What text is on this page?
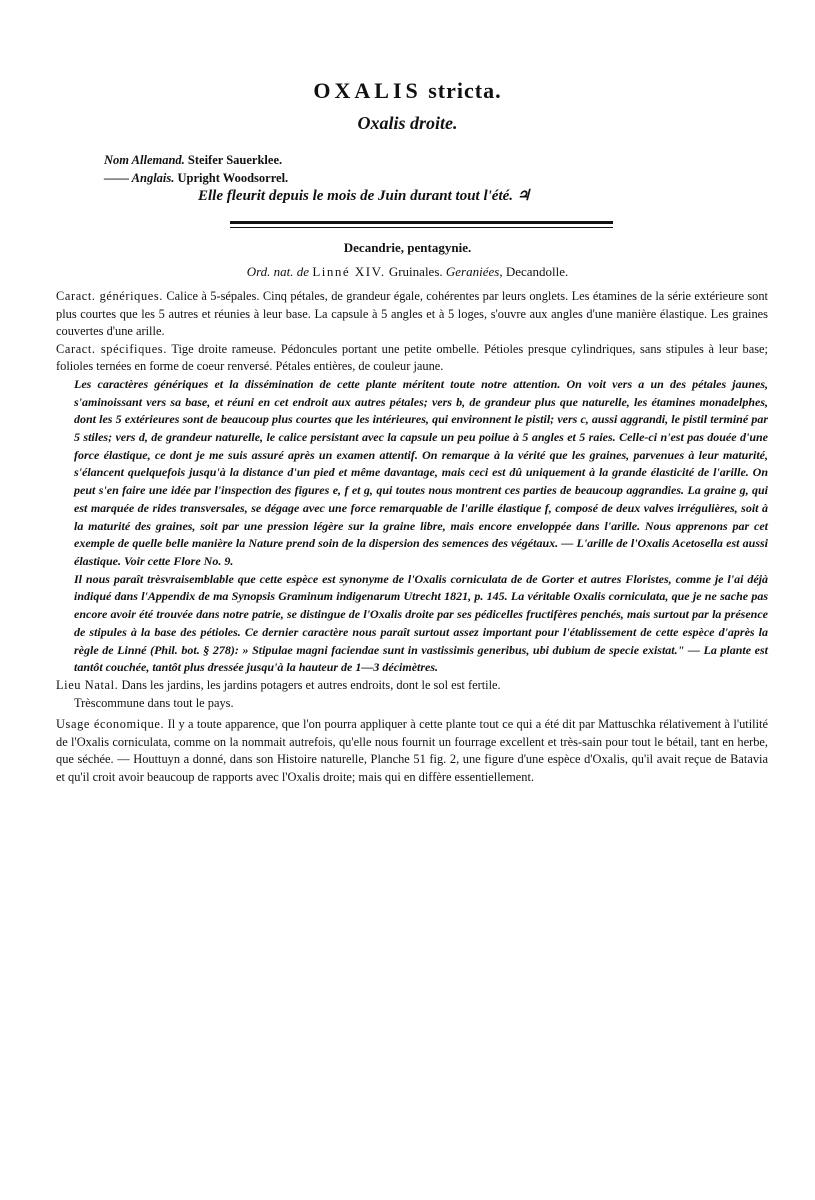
OXALIS stricta.
Oxalis droite.
Nom Allemand. Steifer Sauerklee.
—— Anglais. Upright Woodsorrel.
Elle fleurit depuis le mois de Juin durant tout l'été. ♃
Decandrie, pentagynie.
Ord. nat. de Linné XIV. Gruinales. Geraniées, Decandolle.

Caract. génériques. Calice à 5-sépales. Cinq pétales, de grandeur égale, cohérentes par leurs onglets. Les étamines de la série extérieure sont plus courtes que les 5 autres et réunies à leur base. La capsule à 5 angles et à 5 loges, s'ouvre aux angles d'une manière élastique. Les graines couvertes d'une arille.

Caract. spécifiques. Tige droite rameuse. Pédoncules portant une petite ombelle. Pétioles presque cylindriques, sans stipules à leur base; folioles ternées en forme de coeur renversé. Pétales entières, de couleur jaune.

Les caractères génériques et la dissémination de cette plante méritent toute notre attention. On voit vers a un des pétales jaunes, s'aminoissant vers sa base, et réuni en cet endroit aux autres pétales; vers b, de grandeur plus que naturelle, les étamines monadelphes, dont les 5 extérieures sont de beaucoup plus courtes que les intérieures, qui environnent le pistil; vers c, aussi aggrandi, le pistil terminé par 5 stiles; vers d, de grandeur naturelle, le calice persistant avec la capsule un peu poilue à 5 angles et 5 raies. Celle-ci n'est pas douée d'une force élastique, ce dont je me suis assuré après un examen attentif. On remarque à la vérité que les graines, parvenues à leur maturité, s'élancent quelquefois jusqu'à la distance d'un pied et même davantage, mais ceci est dû uniquement à la grande élasticité de l'arille. On peut s'en faire une idée par l'inspection des figures e, f et g, qui toutes nous montrent ces parties de beaucoup aggrandies. La graine g, qui est marquée de rides transversales, se dégage avec une force remarquable de l'arille élastique f, composé de deux valves irrégulières, soit à la maturité des graines, soit par une pression légère sur la graine libre, mais encore enveloppée dans l'arille. Nous apprenons par cet exemple de quelle belle manière la Nature prend soin de la dispersion des semences des végétaux. — L'arille de l'Oxalis Acetosella est aussi élastique. Voir cette Flore No. 9.

Il nous paraît trèsvraisemblable que cette espèce est synonyme de l'Oxalis corniculata de de Gorter et autres Floristes, comme je l'ai déjà indiqué dans l'Appendix de ma Synopsis Graminum indigenarum Utrecht 1821, p. 145. La véritable Oxalis corniculata, que je ne sache pas encore avoir été trouvée dans notre patrie, se distingue de l'Oxalis droite par ses pédicelles fructifères penchés, mais surtout par la présence de stipules à la base des pétioles. Ce dernier caractère nous paraît surtout assez important pour l'établissement de cette espèce d'après la règle de Linné (Phil. bot. § 278): » Stipulae magni faciendae sunt in vastissimis generibus, ubi dubium de specie existat." — La plante est tantôt couchée, tantôt plus dressée jusqu'à la hauteur de 1—3 décimètres.

Lieu Natal. Dans les jardins, les jardins potagers et autres endroits, dont le sol est fertile.

Trèscommune dans tout le pays.

Usage économique. Il y a toute apparence, que l'on pourra appliquer à cette plante tout ce qui a été dit par Mattuschka rélativement à l'utilité de l'Oxalis corniculata, comme on la nommait autrefois, qu'elle nous fournit un fourrage excellent et très-sain pour tout le bétail, tant en herbe, que séchée. — Houttuyn a donné, dans son Histoire naturelle, Planche 51 fig. 2, une figure d'une espèce d'Oxalis, qu'il avait reçue de Batavia et qu'il croit avoir beaucoup de rapports avec l'Oxalis droite; mais qui en diffère essentiellement.
